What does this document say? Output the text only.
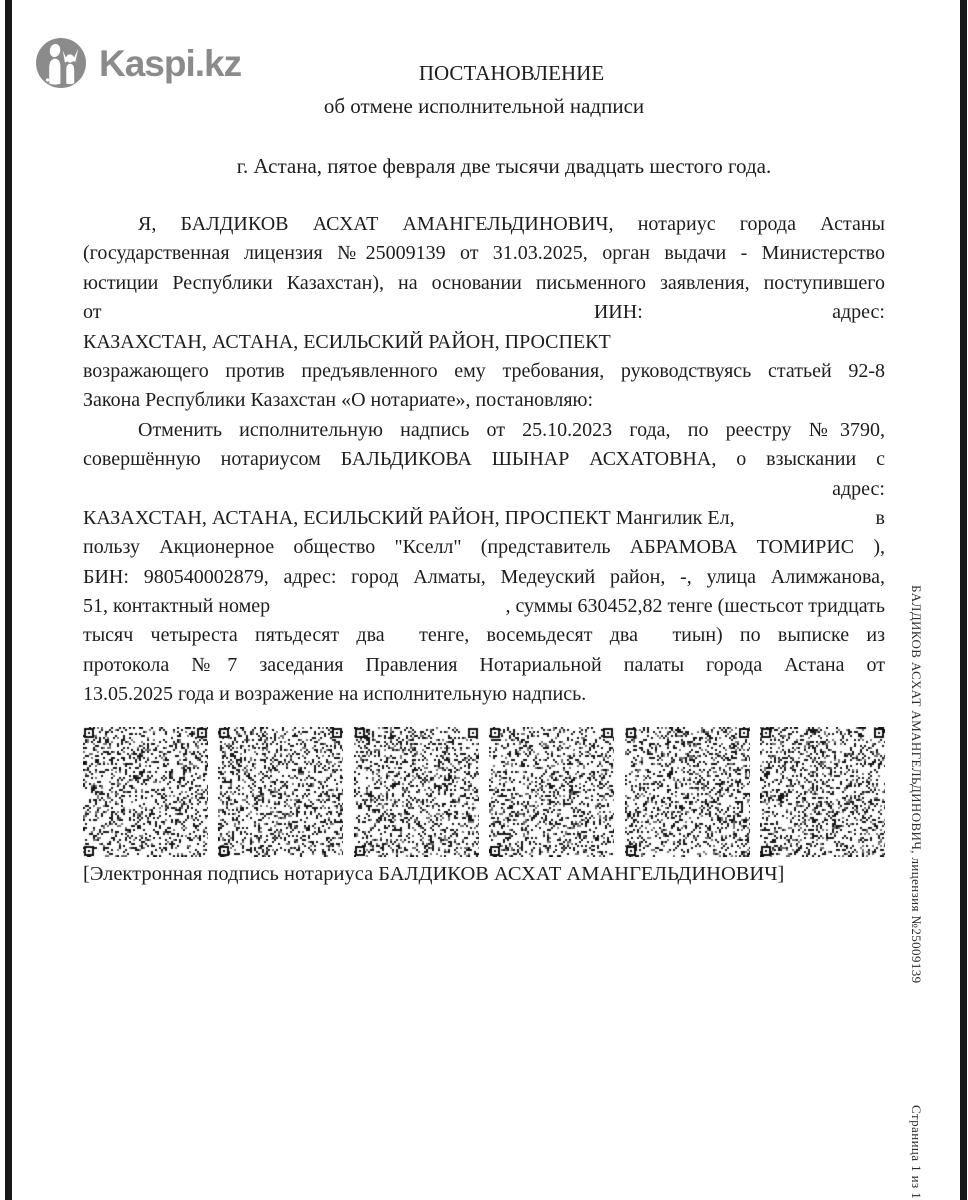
Kaspi.kz	ПОСТАНОВЛЕНИЕ
об отмене исполнительной надписи
г. Астана, пятое февраля две тысячи двадцать шестого года.
Я, БАЛДИКОВ АСХАТ АМАНГЕЛЬДИНОВИЧ, нотариус города Астаны
(государственная лицензия №25009139 от 31.03.2025, орган выдачи - Министерство
юстиции Республики Казахстан), на основании письменного заявления, поступившего
от	ИИН:	адрес:
КАЗАХСТАН, АСТАНА, ЕСИЛЬСКИЙ РАЙОН, ПРОСПЕКТ
возражающего против предъявленного ему требования, руководствуясь статьей 92-8
Закона Республики Казахстан «О нотариате», постановляю:
Отменить исполнительную надпись от 25.10.2023 года, по реестру №3790,
совершённую нотариусом БАЛЬДИКОВА ШЫНАР АСХАТОВНА, о взыскании с
адрес:
КАЗАХСТАН, АСТАНА, ЕСИЛЬСКИЙ РАЙОН, ПРОСПЕКТ Мангилик Ел,	в
пользу Акционерное общество "Кселл" (представитель АБРАМОВА ТОМИРИС ),
БИН: 980540002879, адрес: город Алматы, Медеуский район, -, улица Алимжанова,
51, контактный номер	, суммы 630452,82 тенге (шестьсот тридцать
тысяч четыреста пятьдесят два  тенге, восемьдесят два  тиын) по выписке из
протокола №7 заседания Правления Нотариальной палаты города Астана от
13.05.2025 года и возражение на исполнительную надпись.
[Электронная подпись нотариуса БАЛДИКОВ АСХАТ АМАНГЕЛЬДИНОВИЧ]	БАЛДИКОВ АСХАТ АМАНГЕЛЬДИНОВИЧ, лицензия №25009139
Страница 1 из 1
